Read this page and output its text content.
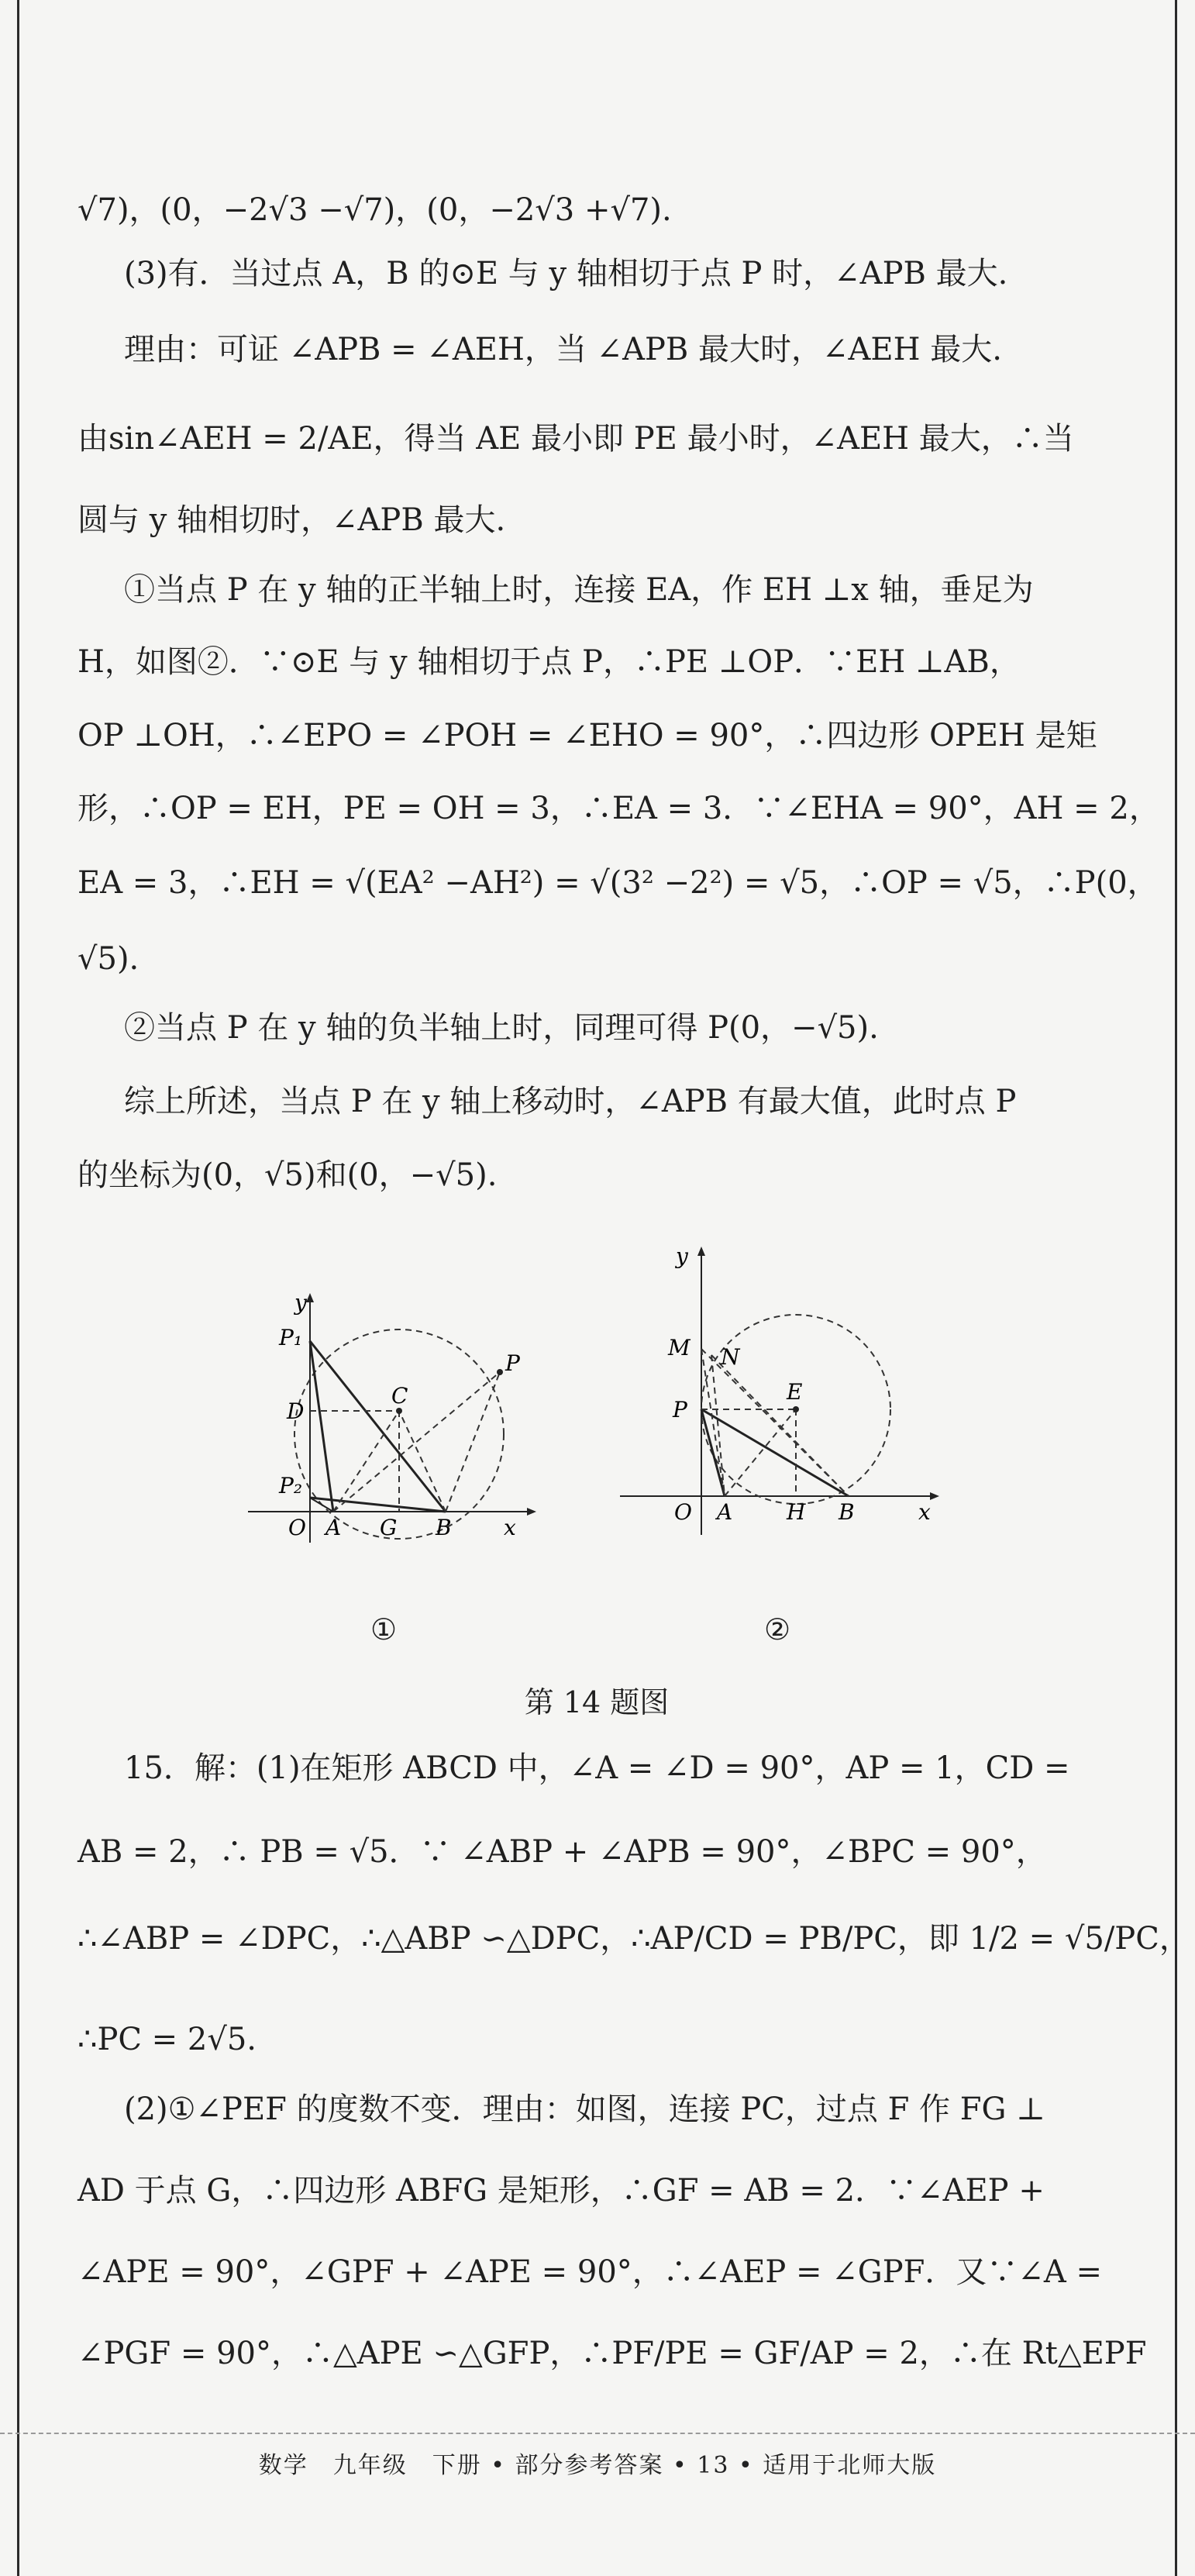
√7)，(0，−2√3 −√7)，(0，−2√3 +√7).
(3)有．当过点 A，B 的⊙E 与 y 轴相切于点 P 时，∠APB 最大.
理由：可证 ∠APB = ∠AEH，当 ∠APB 最大时，∠AEH 最大.
由sin∠AEH = 2/AE，得当 AE 最小即 PE 最小时，∠AEH 最大，∴当
圆与 y 轴相切时，∠APB 最大.
①当点 P 在 y 轴的正半轴上时，连接 EA，作 EH ⊥x 轴，垂足为
H，如图②．∵⊙E 与 y 轴相切于点 P，∴PE ⊥OP．∵EH ⊥AB，
OP ⊥OH，∴∠EPO = ∠POH = ∠EHO = 90°，∴四边形 OPEH 是矩
形，∴OP = EH，PE = OH = 3，∴EA = 3．∵∠EHA = 90°，AH = 2，
EA = 3，∴EH = √(EA² −AH²) = √(3² −2²) = √5，∴OP = √5，∴P(0，
√5).
②当点 P 在 y 轴的负半轴上时，同理可得 P(0，−√5).
综上所述，当点 P 在 y 轴上移动时，∠APB 有最大值，此时点 P
的坐标为(0，√5)和(0，−√5).
y
P₁
P
D
C
P₂
O A G B x
y
M N
P
E
O A H B	x
①	②
第 14 题图
15．解：(1)在矩形 ABCD 中，∠A = ∠D = 90°，AP = 1，CD =
AB = 2，∴ PB = √5．∵ ∠ABP + ∠APB = 90°，∠BPC = 90°，
∴∠ABP = ∠DPC，∴△ABP ∽△DPC，∴AP/CD = PB/PC，即 1/2 = √5/PC，
∴PC = 2√5.
(2)①∠PEF 的度数不变．理由：如图，连接 PC，过点 F 作 FG ⊥
AD 于点 G，∴四边形 ABFG 是矩形，∴GF = AB = 2．∵∠AEP +
∠APE = 90°，∠GPF + ∠APE = 90°，∴∠AEP = ∠GPF．又∵∠A =
∠PGF = 90°，∴△APE ∽△GFP，∴PF/PE = GF/AP = 2，∴在 Rt△EPF
数学　九年级　下册 • 部分参考答案 • 13 • 适用于北师大版
